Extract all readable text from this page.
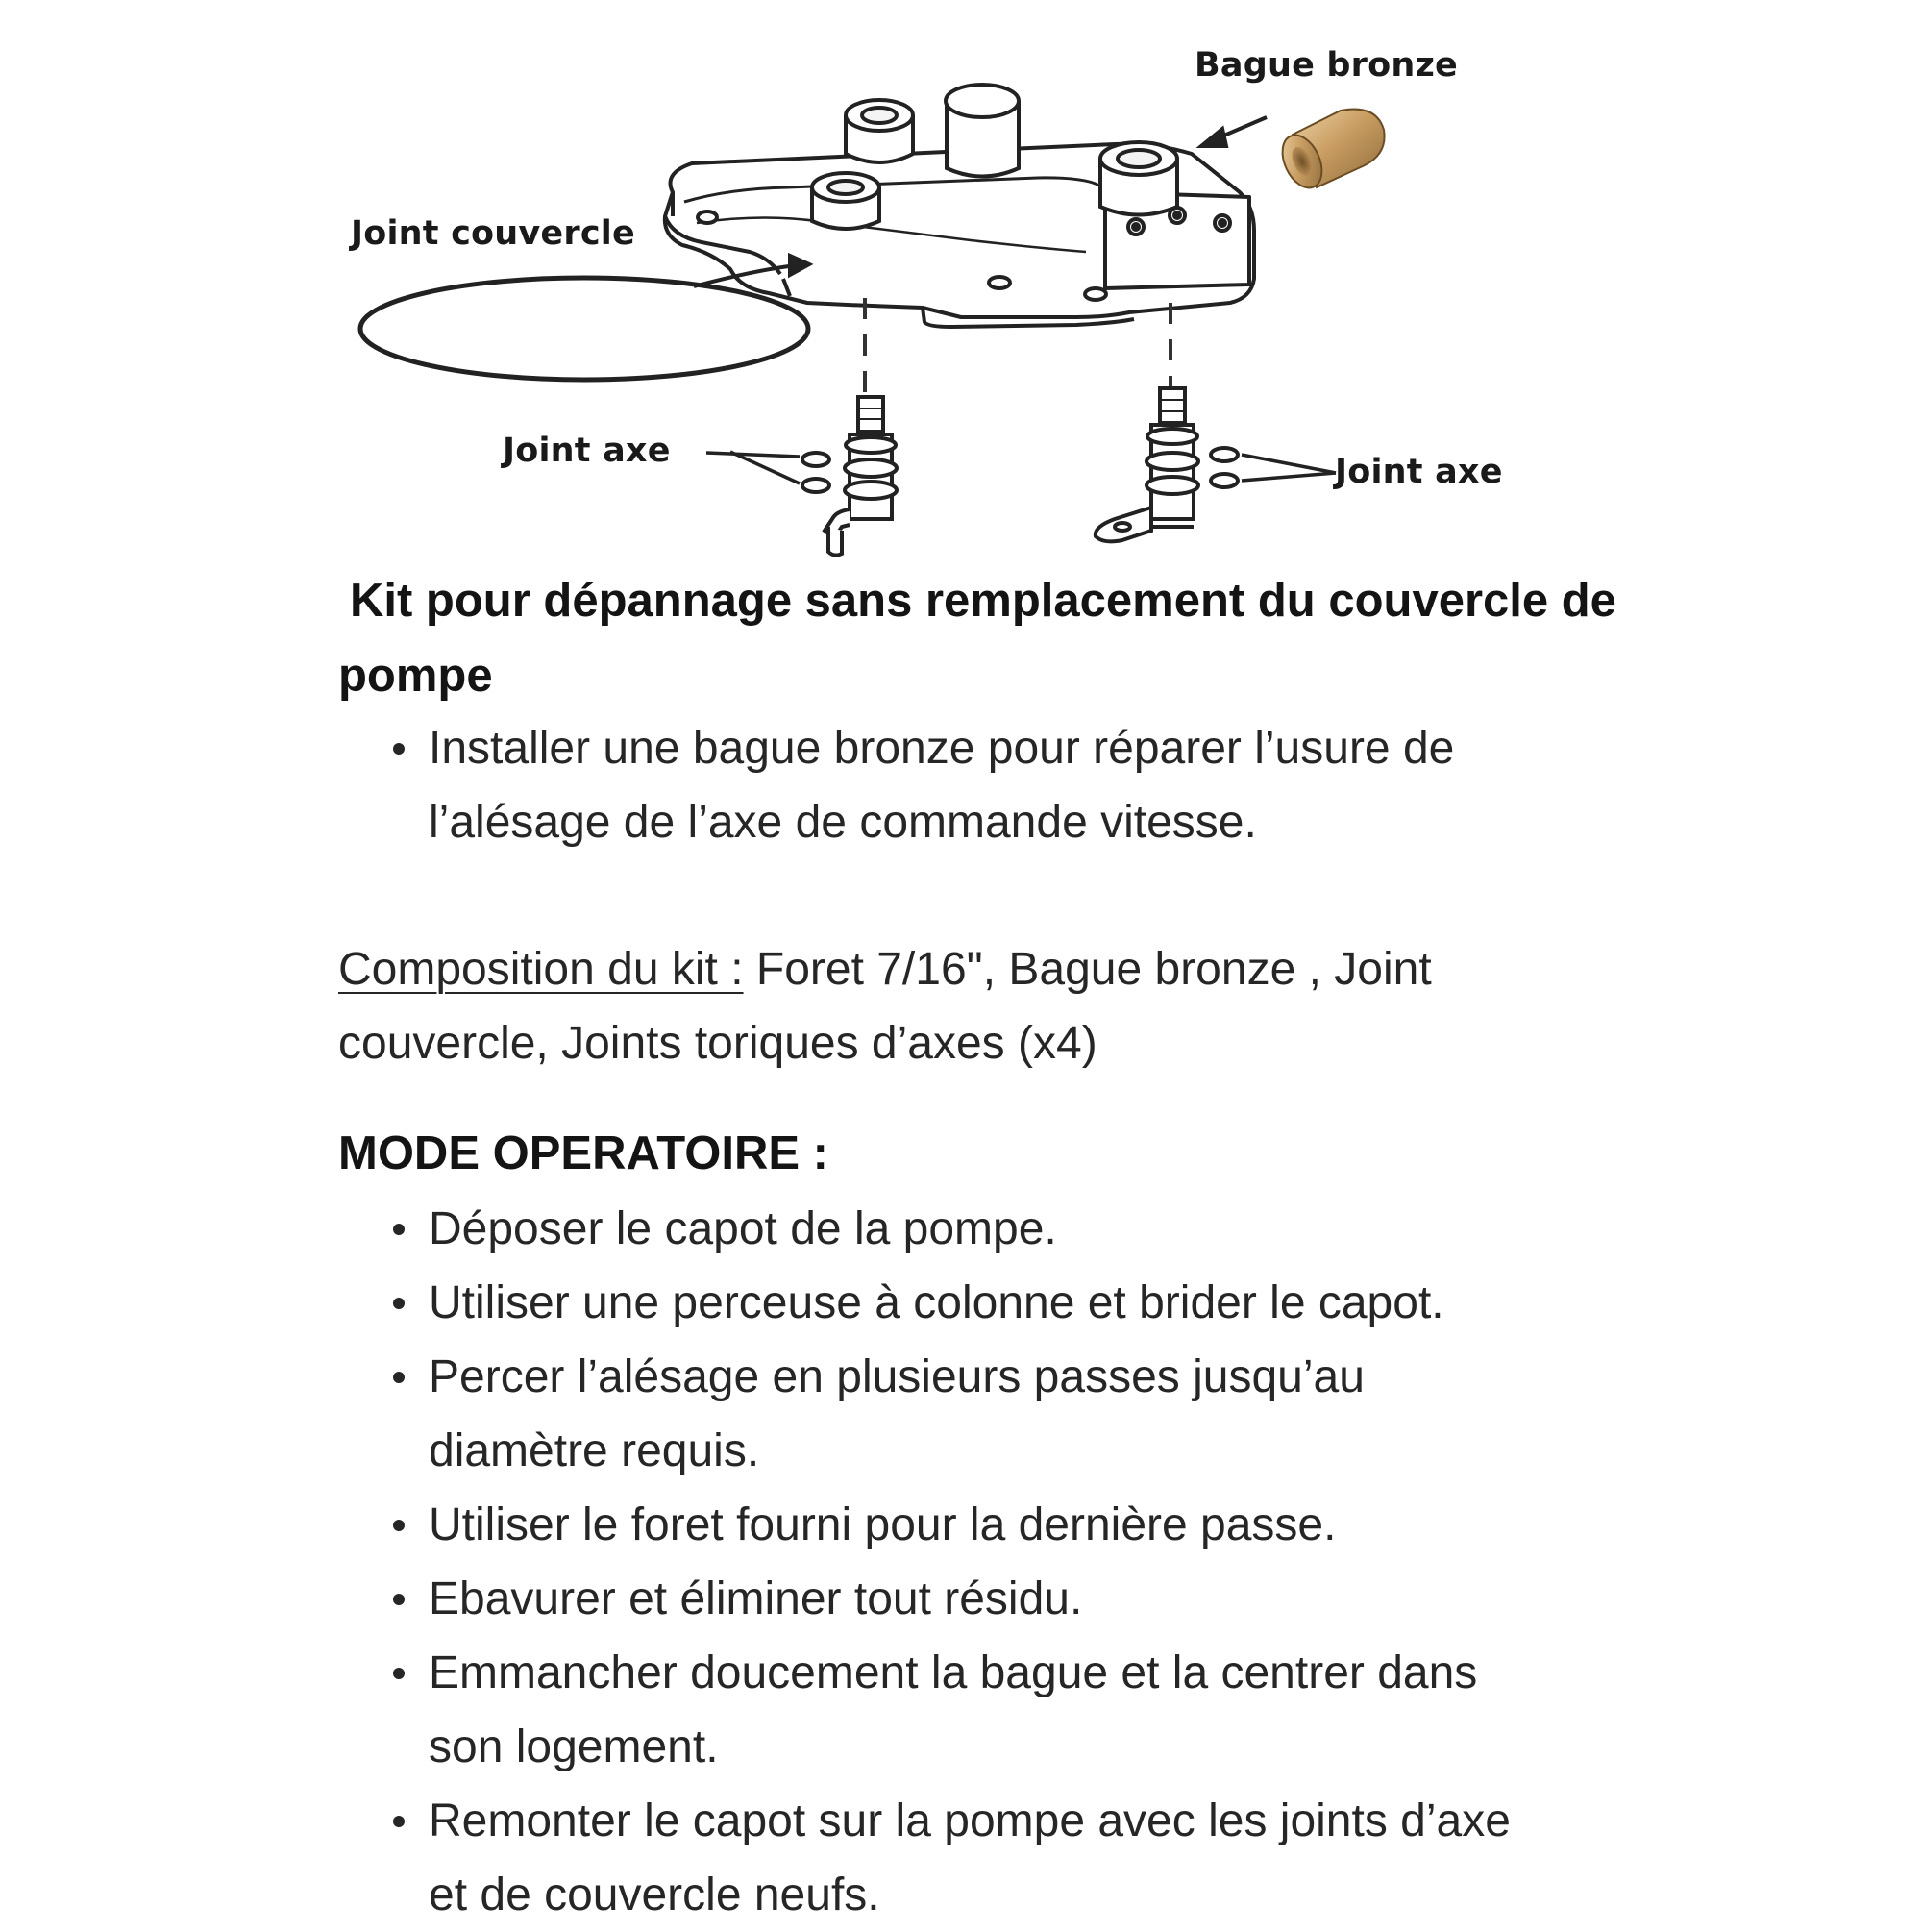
Bague bronze
Joint couvercle
Joint axe
Joint axe
Kit pour dépannage sans remplacement du couvercle de pompe
Installer une bague bronze pour réparer l’usure de l’alésage de l’axe de commande vitesse.
Composition du kit : Foret 7/16", Bague bronze , Joint couvercle, Joints toriques d’axes (x4)
MODE OPERATOIRE :
Déposer le capot de la pompe.
Utiliser une perceuse à colonne et brider le capot.
Percer l’alésage en plusieurs passes jusqu’au diamètre requis.
Utiliser le foret fourni pour la dernière passe.
Ebavurer et éliminer tout résidu.
Emmancher doucement la bague et la centrer dans son logement.
Remonter le capot sur la pompe avec les joints d’axe et de couvercle neufs.
